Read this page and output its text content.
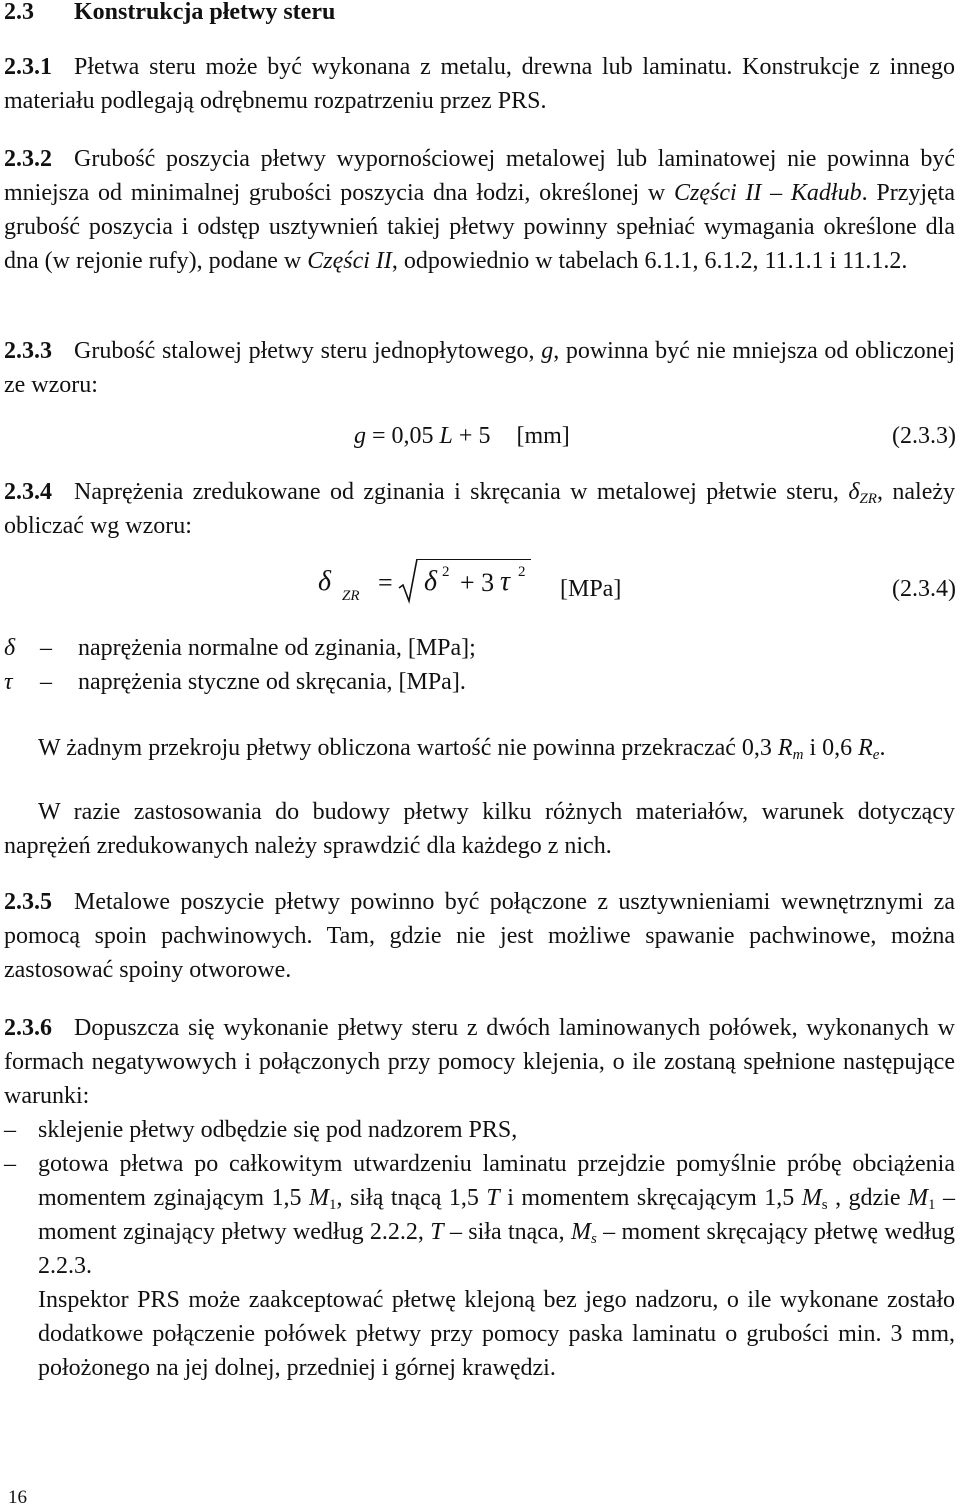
2.3 Konstrukcja płetwy steru
2.3.1 Płetwa steru może być wykonana z metalu, drewna lub laminatu. Konstrukcje z innego materiału podlegają odrębnemu rozpatrzeniu przez PRS.
2.3.2 Grubość poszycia płetwy wypornościowej metalowej lub laminatowej nie powinna być mniejsza od minimalnej grubości poszycia dna łodzi, określonej w Części II – Kadłub. Przyjęta grubość poszycia i odstęp usztywnień takiej płetwy powinny spełniać wymagania określone dla dna (w rejonie rufy), podane w Części II, odpowiednio w tabelach 6.1.1, 6.1.2, 11.1.1 i 11.1.2.
2.3.3 Grubość stalowej płetwy steru jednopłytowego, g, powinna być nie mniejsza od obliczonej ze wzoru:
g = 0,05 L + 5 [mm]	(2.3.3)
2.3.4 Naprężenia zredukowane od zginania i skręcania w metalowej płetwie steru, $\delta_{ZR}$, należy obliczać wg wzoru:
δ ZR = δ 2 + 3 τ 2
[MPa]	(2.3.4)
δ – naprężenia normalne od zginania, [MPa];
τ – naprężenia styczne od skręcania, [MPa].
W żadnym przekroju płetwy obliczona wartość nie powinna przekraczać 0,3 $R_m$ i 0,6 $R_e$.
W razie zastosowania do budowy płetwy kilku różnych materiałów, warunek dotyczący naprężeń zredukowanych należy sprawdzić dla każdego z nich.
2.3.5 Metalowe poszycie płetwy powinno być połączone z usztywnieniami wewnętrznymi za pomocą spoin pachwinowych. Tam, gdzie nie jest możliwe spawanie pachwinowe, można zastosować spoiny otworowe.
2.3.6 Dopuszcza się wykonanie płetwy steru z dwóch laminowanych połówek, wykonanych w formach negatywowych i połączonych przy pomocy klejenia, o ile zostaną spełnione następujące warunki:
– sklejenie płetwy odbędzie się pod nadzorem PRS,
– gotowa płetwa po całkowitym utwardzeniu laminatu przejdzie pomyślnie próbę obciążenia momentem zginającym 1,5 $M_1$, siłą tnącą 1,5 T i momentem skręcającym 1,5 $M_s$ , gdzie $M_1$ – moment zginający płetwy według 2.2.2, T – siła tnąca, $M_s$ – moment skręcający płetwę według 2.2.3.
Inspektor PRS może zaakceptować płetwę klejoną bez jego nadzoru, o ile wykonane zostało dodatkowe połączenie połówek płetwy przy pomocy paska laminatu o grubości min. 3 mm, położonego na jej dolnej, przedniej i górnej krawędzi.
16
